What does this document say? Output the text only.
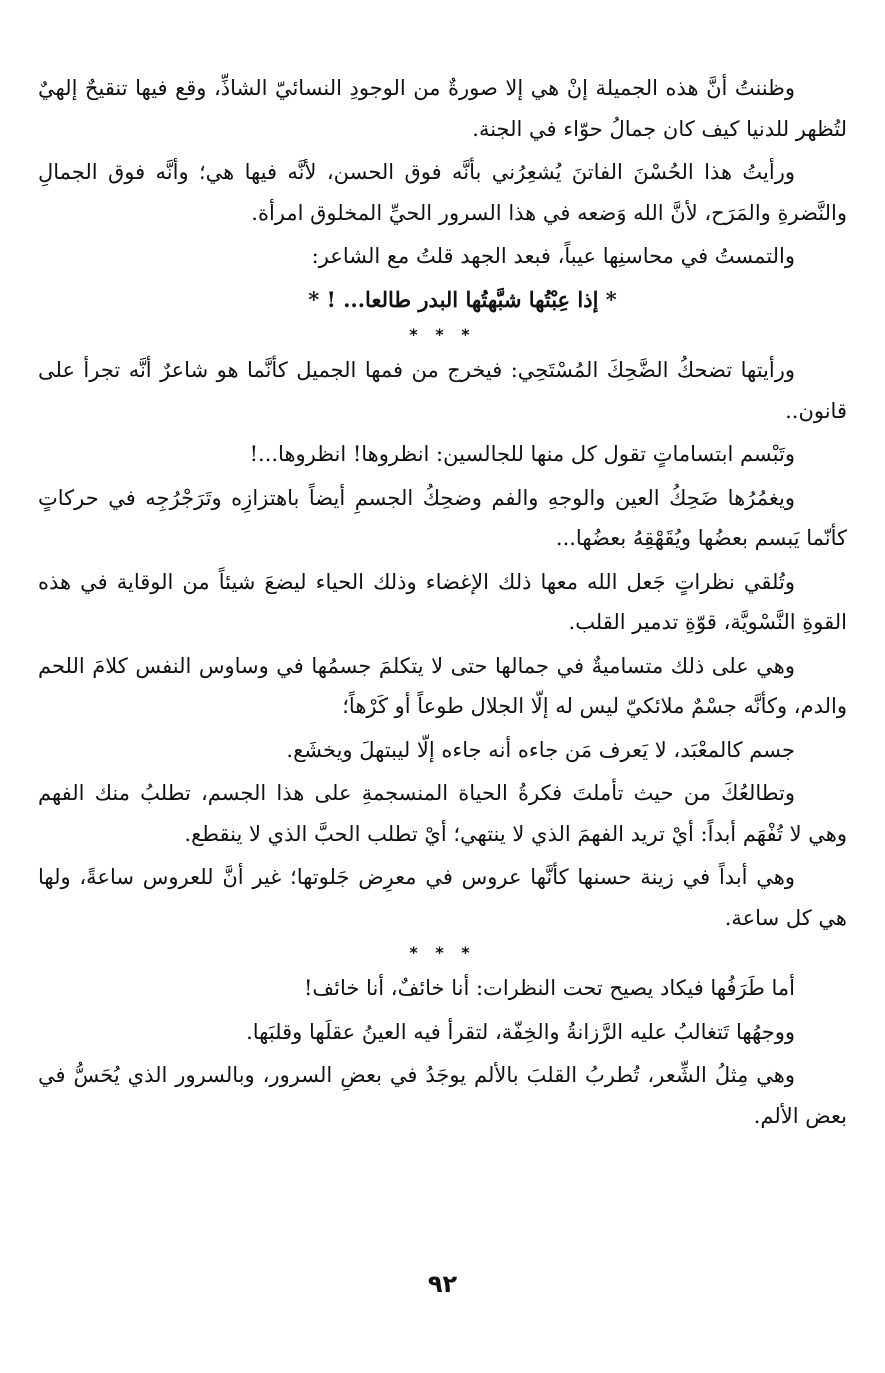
وظننتُ أنَّ هذه الجميلة إنْ هي إلا صورةٌ من الوجودِ النسائيّ الشاذِّ، وقع فيها تنقيحٌ إلهيٌ لتُظهر للدنيا كيف كان جمالُ حوّاء في الجنة.

ورأيتُ هذا الحُسْنَ الفاتنَ يُشعِرُني بأنَّه فوق الحسن، لأنَّه فيها هي؛ وأنَّه فوق الجمالِ والنَّضرةِ والمَرَح، لأنَّ الله وَضعه في هذا السرور الحيِّ المخلوق امرأة.

والتمستُ في محاسنِها عيباً، فبعد الجهد قلتُ مع الشاعر:

* إذا عِبْتُها شبَّهتُها البدر طالعا... ! *

* * *

ورأيتها تضحكُ الضَّحِكَ المُسْتَحِي: فيخرج من فمها الجميل كأنَّما هو شاعرٌ أنَّه تجرأ على قانون..

وتَبْسم ابتساماتٍ تقول كل منها للجالسين: انظروها! انظروها...!

ويغمُرُها ضَحِكُ العين والوجهِ والفم وضحِكُ الجسمِ أيضاً باهتزازِه وتَرَجْرُجِه في حركاتٍ كأنّما يَبسم بعضُها ويُقَهْقِهُ بعضُها...

وتُلقي نظراتٍ جَعل الله معها ذلك الإغضاء وذلك الحياء ليضعَ شيئاً من الوقاية في هذه القوةِ النَّسْويَّة، قوّةِ تدمير القلب.

وهي على ذلك متساميةٌ في جمالها حتى لا يتكلمَ جسمُها في وساوس النفس كلامَ اللحم والدم، وكأنَّه جسْمٌ ملائكيّ ليس له إلّا الجلال طوعاً أو كَرْهاً؛

جسم كالمعْبَد، لا يَعرف مَن جاءه أنه جاءه إلّا ليبتهلَ ويخشَع.

وتطالعُكَ من حيث تأملتَ فكرةُ الحياة المنسجمةِ على هذا الجسم، تطلبُ منك الفهم وهي لا تُفْهَم أبداً: أيْ تريد الفهمَ الذي لا ينتهي؛ أيْ تطلب الحبَّ الذي لا ينقطع.

وهي أبداً في زينة حسنها كأنَّها عروس في معرِض جَلوتها؛ غير أنَّ للعروس ساعةً، ولها هي كل ساعة.

* * *

أما طَرَفُها فيكاد يصيح تحت النظرات: أنا خائفٌ، أنا خائف!

ووجهُها تَتغالبُ عليه الرَّزانةُ والخِفّة، لتقرأ فيه العينُ عقلَها وقلبَها.

وهي مِثلُ الشِّعر، تُطربُ القلبَ بالألم يوجَدُ في بعضِ السرور، وبالسرور الذي يُحَسُّ في بعض الألم.

٩٢
